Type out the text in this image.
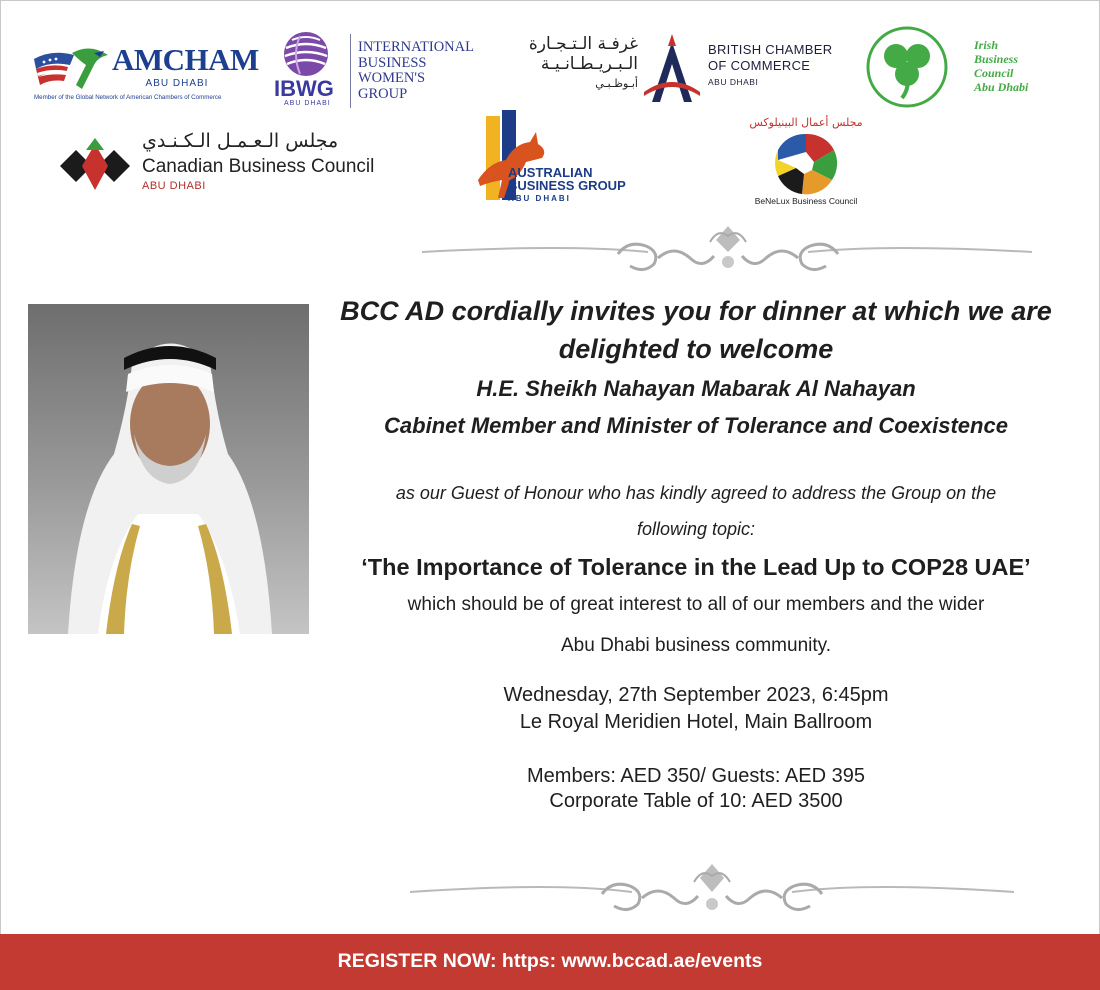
AMCHAM
ABU DHABI
Member of the Global Network of American Chambers of Commerce IBWG
ABU DHABI
INTERNATIONAL
BUSINESS
WOMEN'S
GROUP
غرفـة الـتـجـارة
الـبـريـطـانـيـة
أبـوظـبـي
BRITISH CHAMBER
OF COMMERCE
ABU DHABI
Irish
Business
Council
Abu Dhabi
مجلس الـعـمـل الـكـنـدي
Canadian Business Council
ABU DHABI
AUSTRALIAN
BUSINESS GROUP
ABU DHABI
مجلس أعمال البينيلوكس
BeNeLux Business Council
BCC AD cordially invites you for dinner at which we are
delighted to welcome
H.E. Sheikh Nahayan Mabarak Al Nahayan
Cabinet Member and Minister of Tolerance and Coexistence
as our Guest of Honour who has kindly agreed to address the Group on the
following topic:
‘The Importance of Tolerance in the Lead Up to COP28 UAE’
which should be of great interest to all of our members and the wider
Abu Dhabi business community.
Wednesday, 27th September 2023, 6:45pm
Le Royal Meridien Hotel, Main Ballroom
Members: AED 350/ Guests: AED 395
Corporate Table of 10: AED 3500
REGISTER NOW: https: www.bccad.ae/events
